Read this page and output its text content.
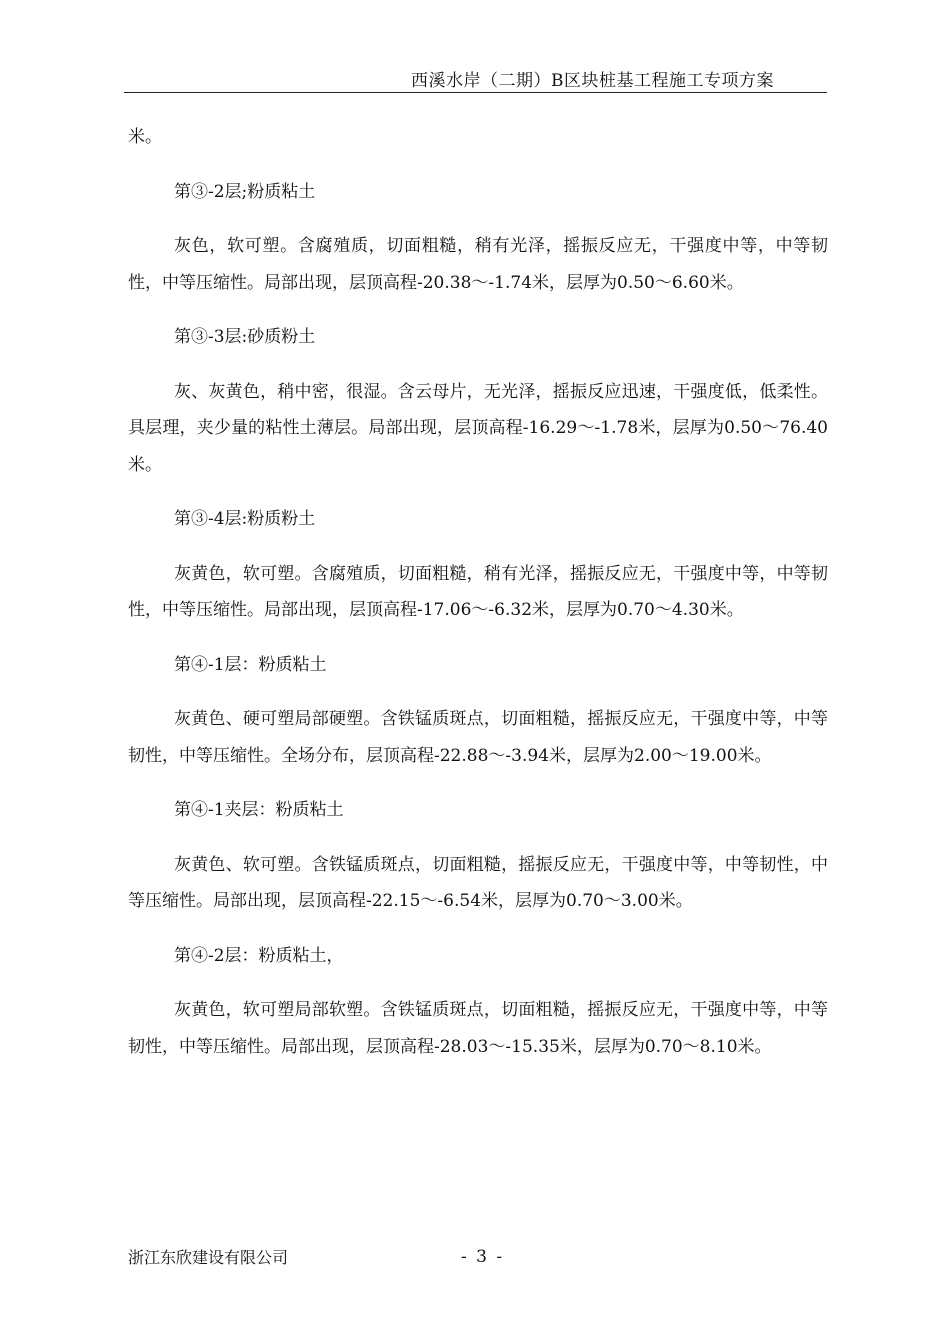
西溪水岸（二期）B区块桩基工程施工专项方案

米。

第③-2层;粉质粘土

灰色，软可塑。含腐殖质，切面粗糙，稍有光泽，摇振反应无，干强度中等，中等韧性，中等压缩性。局部出现，层顶高程-20.38～-1.74米，层厚为0.50～6.60米。

第③-3层:砂质粉土

灰、灰黄色，稍中密，很湿。含云母片，无光泽，摇振反应迅速，干强度低，低柔性。具层理，夹少量的粘性土薄层。局部出现，层顶高程-16.29～-1.78米，层厚为0.50～76.40米。

第③-4层:粉质粉土

灰黄色，软可塑。含腐殖质，切面粗糙，稍有光泽，摇振反应无，干强度中等，中等韧性，中等压缩性。局部出现，层顶高程-17.06～-6.32米，层厚为0.70～4.30米。

第④-1层：粉质粘土

灰黄色、硬可塑局部硬塑。含铁锰质斑点，切面粗糙，摇振反应无，干强度中等，中等韧性，中等压缩性。全场分布，层顶高程-22.88～-3.94米，层厚为2.00～19.00米。

第④-1夹层：粉质粘土

灰黄色、软可塑。含铁锰质斑点，切面粗糙，摇振反应无，干强度中等，中等韧性，中等压缩性。局部出现，层顶高程-22.15～-6.54米，层厚为0.70～3.00米。

第④-2层：粉质粘土，

灰黄色，软可塑局部软塑。含铁锰质斑点，切面粗糙，摇振反应无，干强度中等，中等韧性，中等压缩性。局部出现，层顶高程-28.03～-15.35米，层厚为0.70～8.10米。

浙江东欣建设有限公司	- 3 -
